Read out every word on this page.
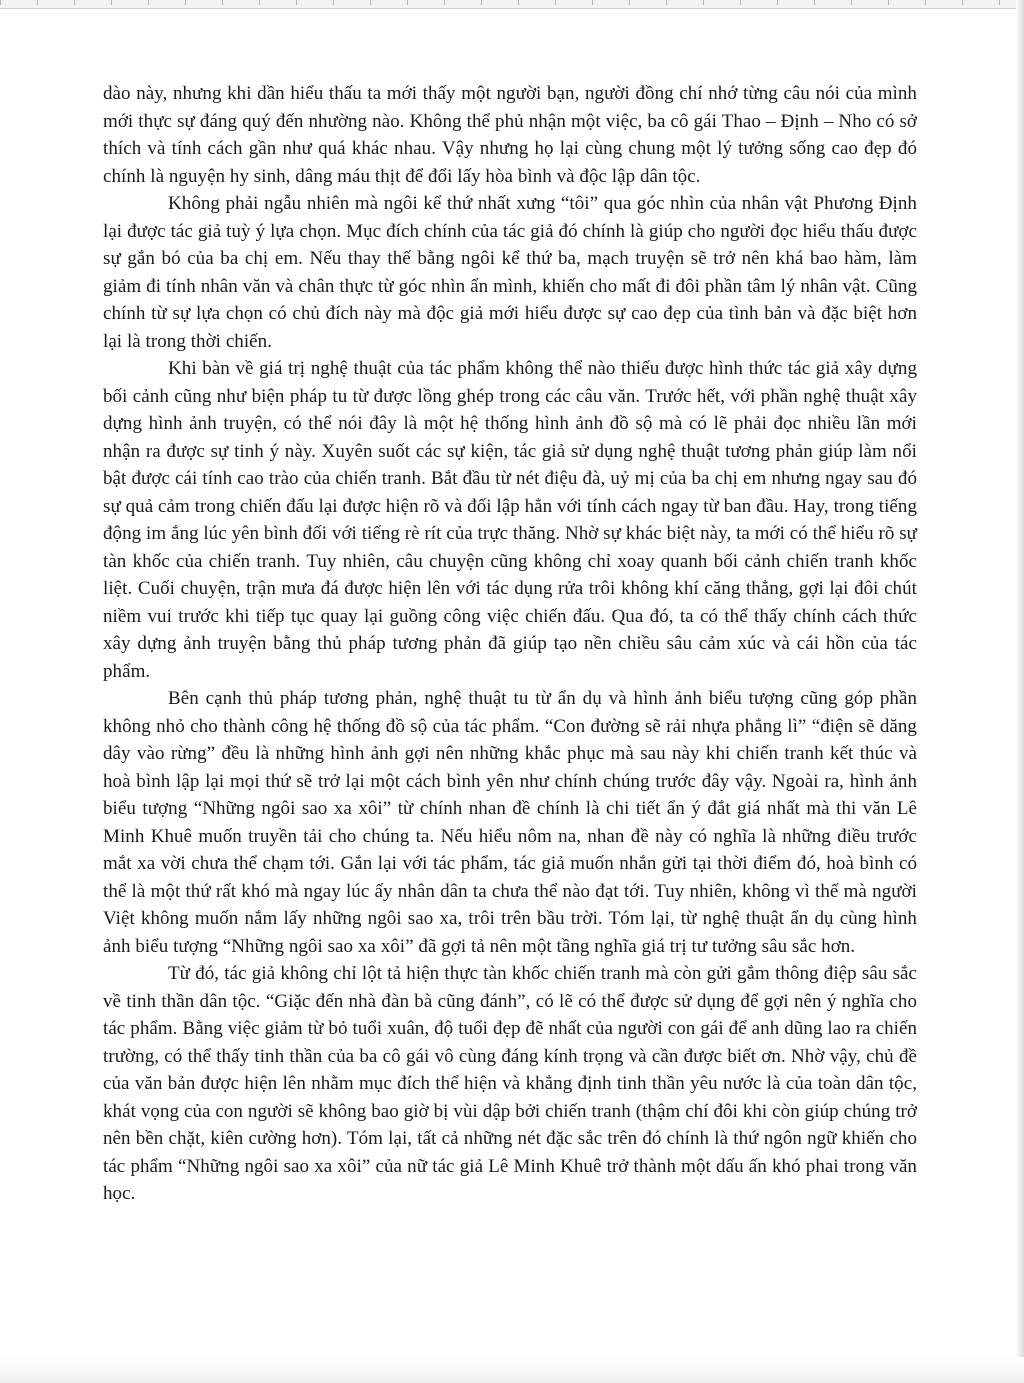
dào này, nhưng khi dần hiểu thấu ta mới thấy một người bạn, người đồng chí nhớ từng câu nói của mình mới thực sự đáng quý đến nhường nào. Không thể phủ nhận một việc, ba cô gái Thao – Định – Nho có sở thích và tính cách gần như quá khác nhau. Vậy nhưng họ lại cùng chung một lý tưởng sống cao đẹp đó chính là nguyện hy sinh, dâng máu thịt để đổi lấy hòa bình và độc lập dân tộc.

Không phải ngẫu nhiên mà ngôi kể thứ nhất xưng “tôi” qua góc nhìn của nhân vật Phương Định lại được tác giả tuỳ ý lựa chọn. Mục đích chính của tác giả đó chính là giúp cho người đọc hiểu thấu được sự gắn bó của ba chị em. Nếu thay thế bằng ngôi kể thứ ba, mạch truyện sẽ trở nên khá bao hàm, làm giảm đi tính nhân văn và chân thực từ góc nhìn ẩn mình, khiến cho mất đi đôi phần tâm lý nhân vật. Cũng chính từ sự lựa chọn có chủ đích này mà độc giả mới hiểu được sự cao đẹp của tình bản và đặc biệt hơn lại là trong thời chiến.

Khi bàn về giá trị nghệ thuật của tác phẩm không thể nào thiếu được hình thức tác giả xây dựng bối cảnh cũng như biện pháp tu từ được lồng ghép trong các câu văn. Trước hết, với phần nghệ thuật xây dựng hình ảnh truyện, có thể nói đây là một hệ thống hình ảnh đồ sộ mà có lẽ phải đọc nhiều lần mới nhận ra được sự tinh ý này. Xuyên suốt các sự kiện, tác giả sử dụng nghệ thuật tương phản giúp làm nổi bật được cái tính cao trào của chiến tranh. Bắt đầu từ nét điệu đà, uỷ mị của ba chị em nhưng ngay sau đó sự quả cảm trong chiến đấu lại được hiện rõ và đối lập hẳn với tính cách ngay từ ban đầu. Hay, trong tiếng động im ắng lúc yên bình đối với tiếng rè rít của trực thăng. Nhờ sự khác biệt này, ta mới có thể hiểu rõ sự tàn khốc của chiến tranh. Tuy nhiên, câu chuyện cũng không chỉ xoay quanh bối cảnh chiến tranh khốc liệt. Cuối chuyện, trận mưa đá được hiện lên với tác dụng rửa trôi không khí căng thẳng, gợi lại đôi chút niềm vui trước khi tiếp tục quay lại guồng công việc chiến đấu. Qua đó, ta có thể thấy chính cách thức xây dựng ảnh truyện bằng thủ pháp tương phản đã giúp tạo nền chiều sâu cảm xúc và cái hồn của tác phẩm.

Bên cạnh thủ pháp tương phản, nghệ thuật tu từ ẩn dụ và hình ảnh biểu tượng cũng góp phần không nhỏ cho thành công hệ thống đồ sộ của tác phẩm. “Con đường sẽ rải nhựa phẳng lì” “điện sẽ dăng dây vào rừng” đều là những hình ảnh gợi nên những khắc phục mà sau này khi chiến tranh kết thúc và hoà bình lập lại mọi thứ sẽ trở lại một cách bình yên như chính chúng trước đây vậy. Ngoài ra, hình ảnh biểu tượng “Những ngôi sao xa xôi” từ chính nhan đề chính là chi tiết ẩn ý đắt giá nhất mà thi văn Lê Minh Khuê muốn truyền tải cho chúng ta. Nếu hiểu nôm na, nhan đề này có nghĩa là những điều trước mắt xa vời chưa thể chạm tới. Gắn lại với tác phẩm, tác giả muốn nhắn gửi tại thời điểm đó, hoà bình có thể là một thứ rất khó mà ngay lúc ấy nhân dân ta chưa thể nào đạt tới. Tuy nhiên, không vì thế mà người Việt không muốn nắm lấy những ngôi sao xa, trôi trên bầu trời. Tóm lại, từ nghệ thuật ẩn dụ cùng hình ảnh biểu tượng “Những ngôi sao xa xôi” đã gợi tả nên một tầng nghĩa giá trị tư tưởng sâu sắc hơn.

Từ đó, tác giả không chỉ lột tả hiện thực tàn khốc chiến tranh mà còn gửi gắm thông điệp sâu sắc về tinh thần dân tộc. “Giặc đến nhà đàn bà cũng đánh”, có lẽ có thể được sử dụng để gợi nên ý nghĩa cho tác phẩm. Bằng việc giảm từ bỏ tuổi xuân, độ tuổi đẹp đẽ nhất của người con gái để anh dũng lao ra chiến trường, có thể thấy tinh thần của ba cô gái vô cùng đáng kính trọng và cần được biết ơn. Nhờ vậy, chủ đề của văn bản được hiện lên nhằm mục đích thể hiện và khẳng định tinh thần yêu nước là của toàn dân tộc, khát vọng của con người sẽ không bao giờ bị vùi dập bởi chiến tranh (thậm chí đôi khi còn giúp chúng trở nên bền chặt, kiên cường hơn). Tóm lại, tất cả những nét đặc sắc trên đó chính là thứ ngôn ngữ khiến cho tác phẩm “Những ngôi sao xa xôi” của nữ tác giả Lê Minh Khuê trở thành một dấu ấn khó phai trong văn học.
